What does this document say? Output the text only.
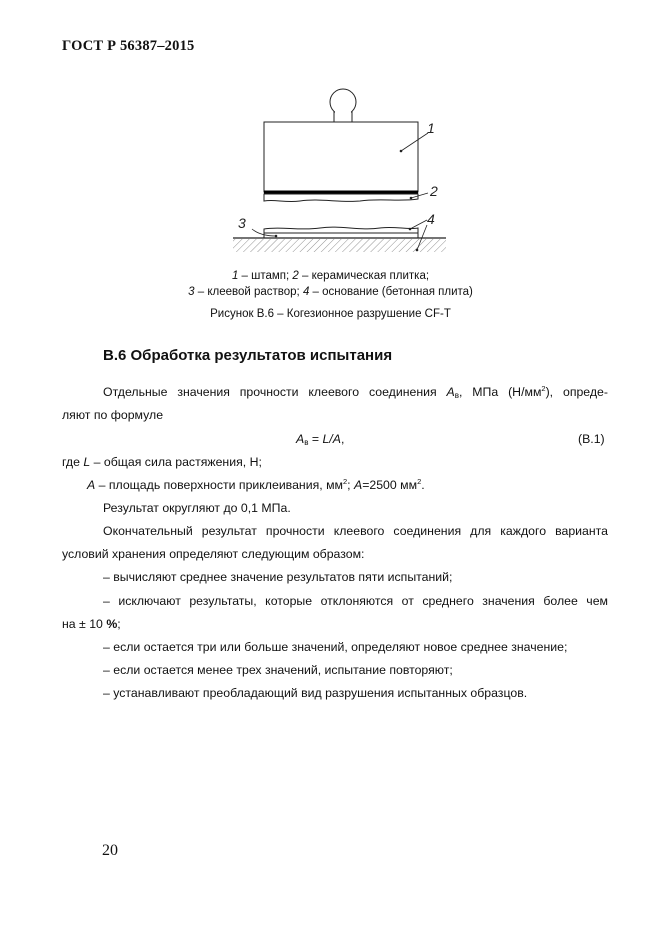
ГОСТ Р 56387–2015
1
2
3	4
1 – штамп; 2 – керамическая плитка;
3 – клеевой раствор; 4 – основание (бетонная плита)
Рисунок В.6 – Когезионное разрушение CF-T
В.6 Обработка результатов испытания
Отдельные значения прочности клеевого соединения $А_в$, МПа $(Н/мм^2)$, опреде-
ляют по формуле
$А_в = L/A$,	(В.1)
где L – общая сила растяжения, Н;
А – площадь поверхности приклеивания, $мм^2$; А=2500 $мм^2$.
Результат округляют до 0,1 МПа.
Окончательный результат прочности клеевого соединения для каждого варианта
условий хранения определяют следующим образом:
– вычисляют среднее значение результатов пяти испытаний;
– исключают результаты, которые отклоняются от среднего значения более чем
на ± 10 %;
– если остается три или больше значений, определяют новое среднее значение;
– если остается менее трех значений, испытание повторяют;
– устанавливают преобладающий вид разрушения испытанных образцов.
20
